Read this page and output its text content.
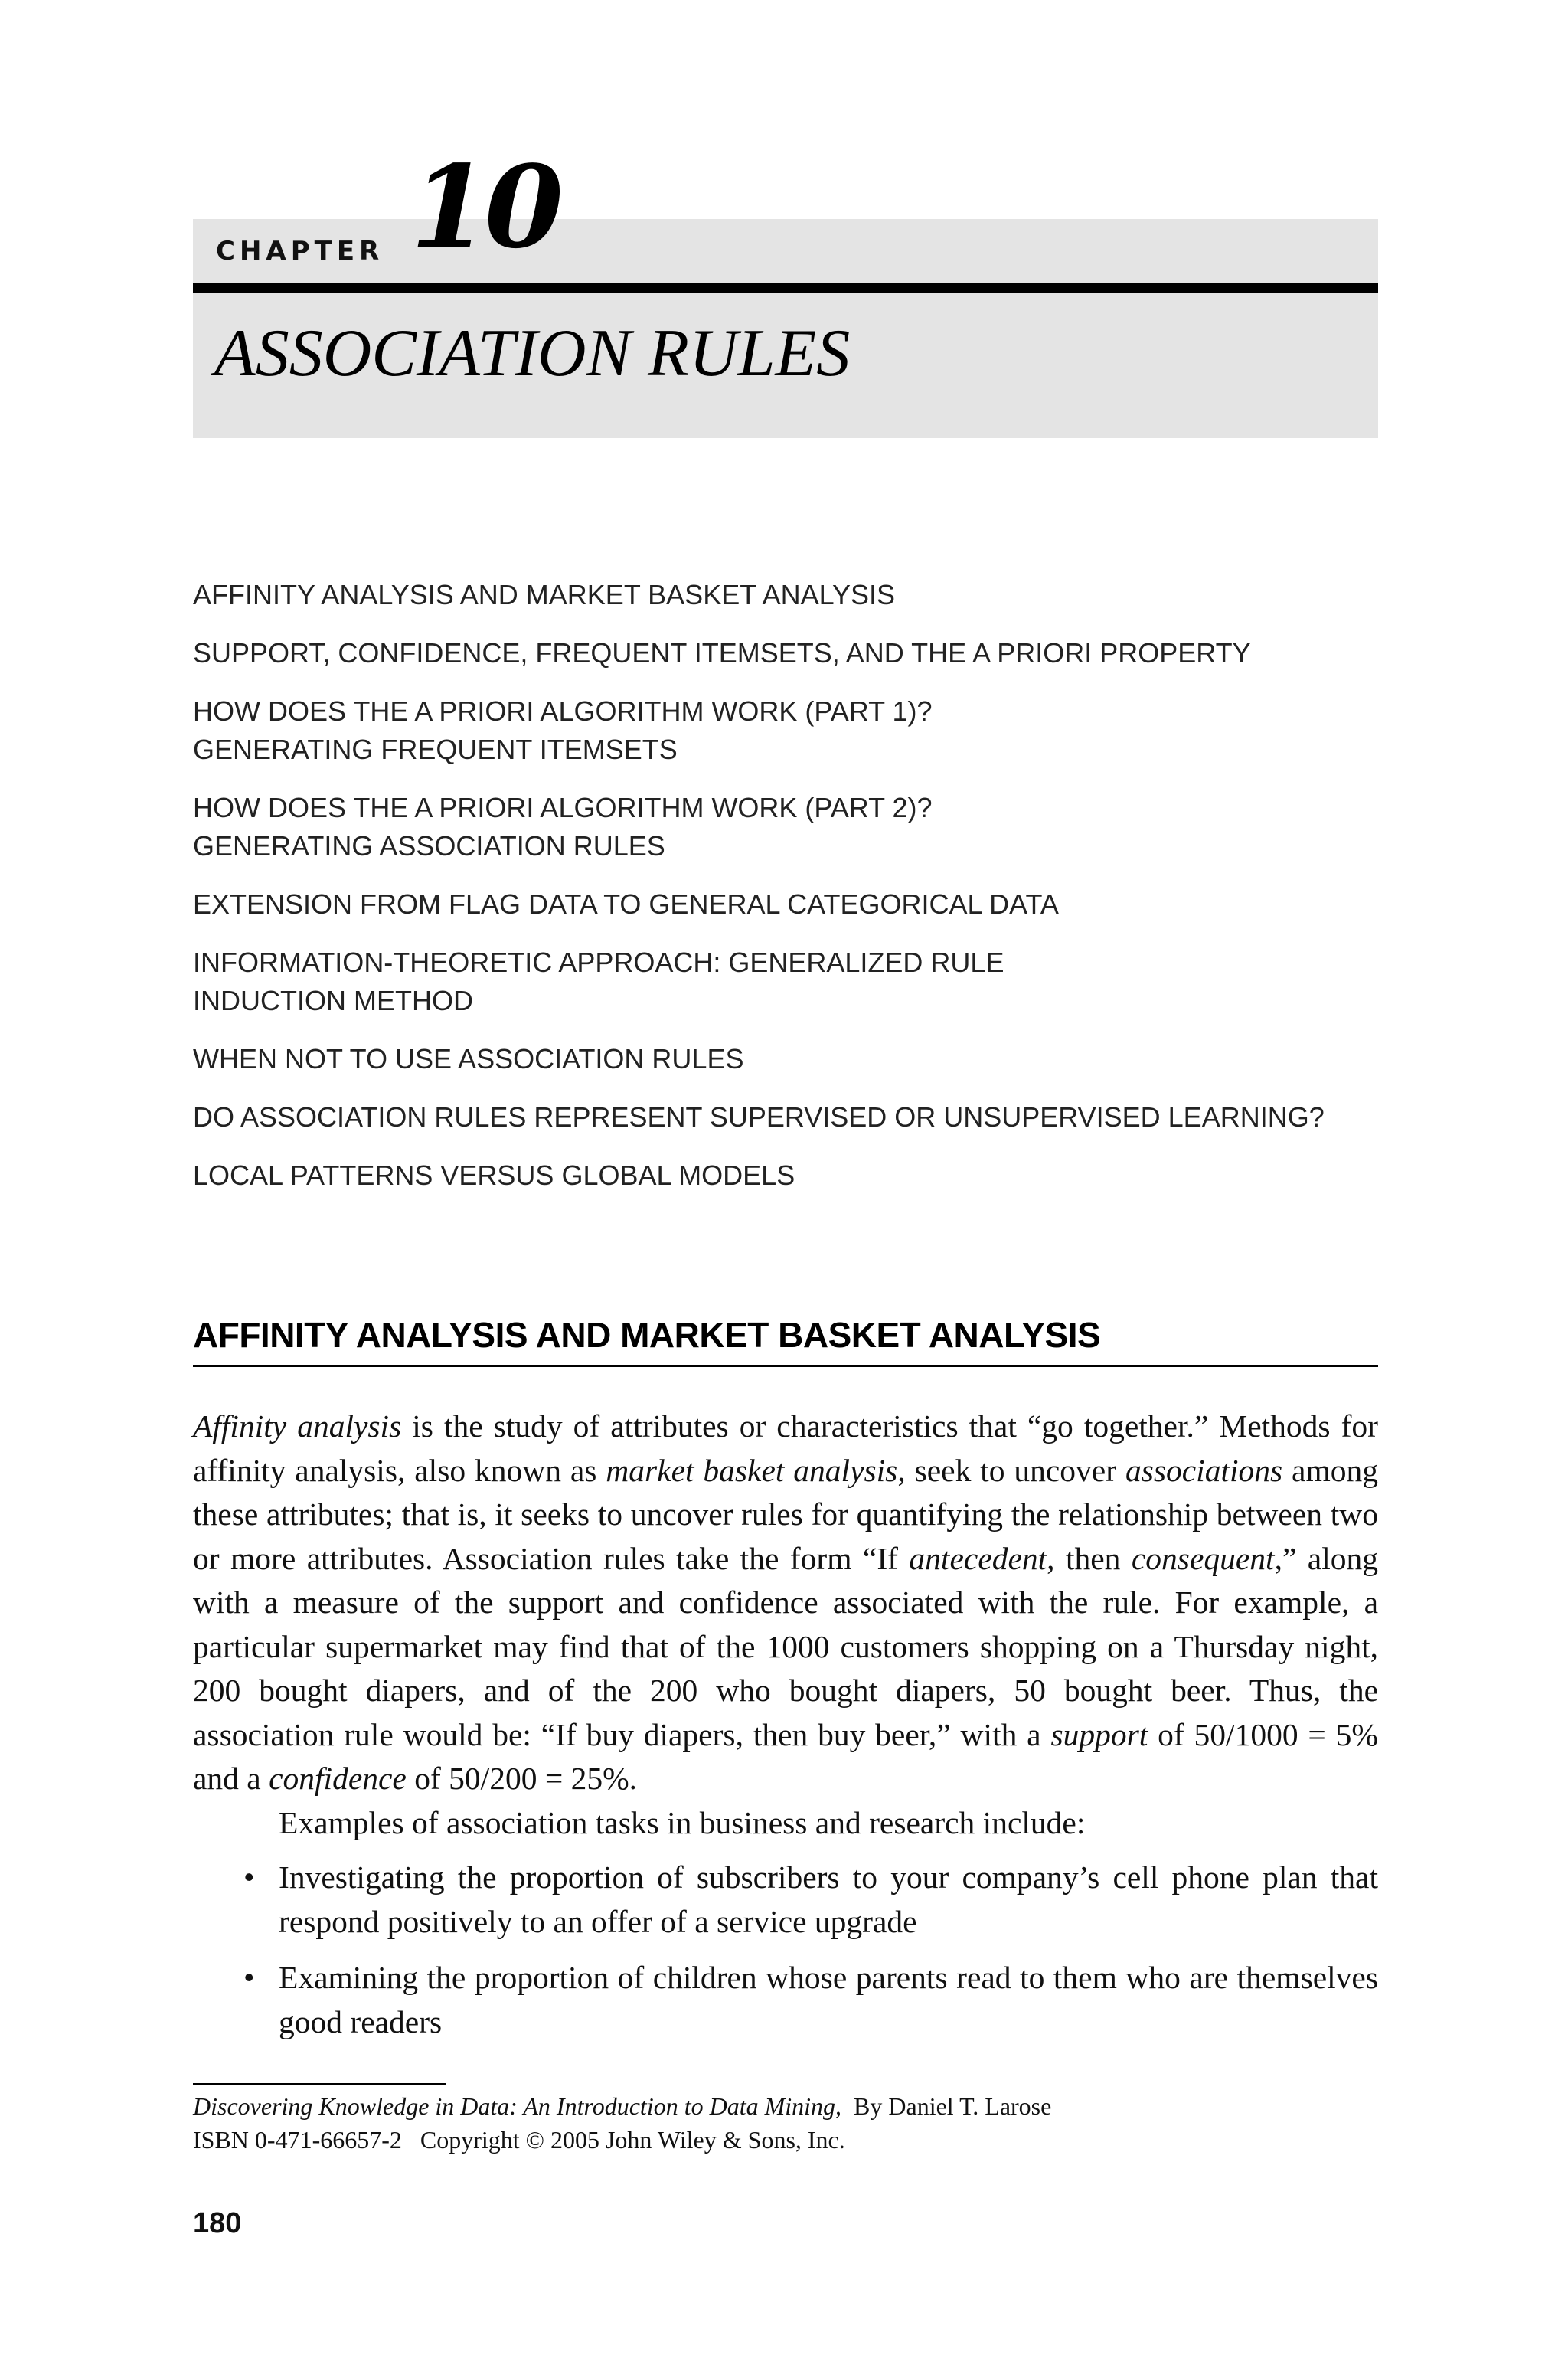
CHAPTER 10
ASSOCIATION RULES
AFFINITY ANALYSIS AND MARKET BASKET ANALYSIS
SUPPORT, CONFIDENCE, FREQUENT ITEMSETS, AND THE A PRIORI PROPERTY
HOW DOES THE A PRIORI ALGORITHM WORK (PART 1)?
GENERATING FREQUENT ITEMSETS
HOW DOES THE A PRIORI ALGORITHM WORK (PART 2)?
GENERATING ASSOCIATION RULES
EXTENSION FROM FLAG DATA TO GENERAL CATEGORICAL DATA
INFORMATION-THEORETIC APPROACH: GENERALIZED RULE
INDUCTION METHOD
WHEN NOT TO USE ASSOCIATION RULES
DO ASSOCIATION RULES REPRESENT SUPERVISED OR UNSUPERVISED LEARNING?
LOCAL PATTERNS VERSUS GLOBAL MODELS
AFFINITY ANALYSIS AND MARKET BASKET ANALYSIS

Affinity analysis is the study of attributes or characteristics that “go together.” Methods for affinity analysis, also known as market basket analysis, seek to uncover associations among these attributes; that is, it seeks to uncover rules for quantifying the relationship between two or more attributes. Association rules take the form “If antecedent, then consequent,” along with a measure of the support and confidence associated with the rule. For example, a particular supermarket may find that of the 1000 customers shopping on a Thursday night, 200 bought diapers, and of the 200 who bought diapers, 50 bought beer. Thus, the association rule would be: “If buy diapers, then buy beer,” with a support of 50/1000 = 5% and a confidence of 50/200 = 25%.

Examples of association tasks in business and research include:

• Investigating the proportion of subscribers to your company’s cell phone plan that respond positively to an offer of a service upgrade
• Examining the proportion of children whose parents read to them who are themselves good readers
Discovering Knowledge in Data: An Introduction to Data Mining, By Daniel T. Larose
ISBN 0-471-66657-2 Copyright © 2005 John Wiley & Sons, Inc.
180
